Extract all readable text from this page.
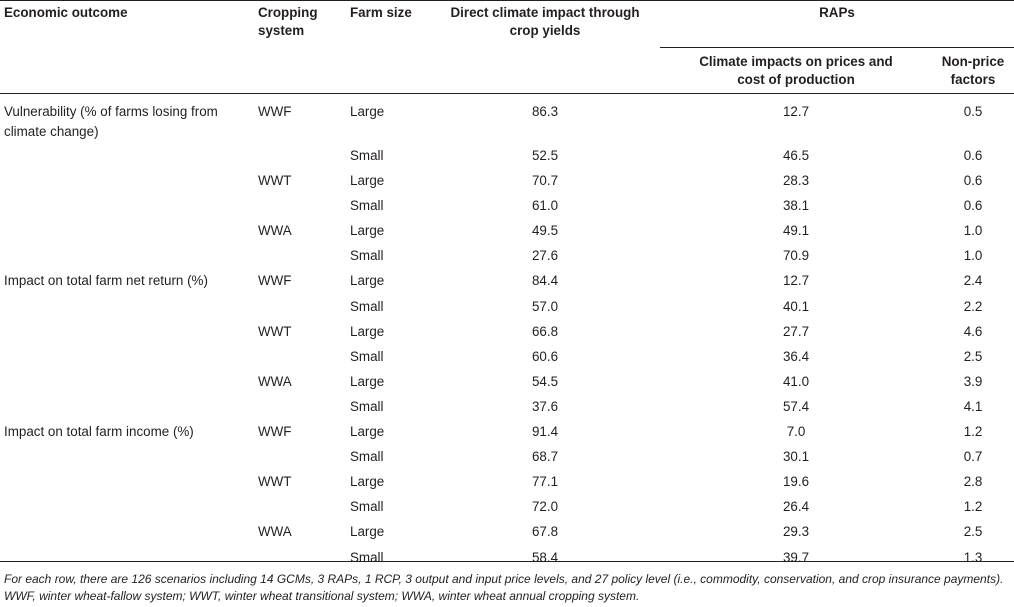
Economic outcome	Cropping system	Farm size	Direct climate impact through crop yields	RAPs	
				Climate impacts on prices and cost of production	Non-price factors
Vulnerability (% of farms losing from climate change)	WWF	Large	86.3	12.7	0.5
		Small	52.5	46.5	0.6
	WWT	Large	70.7	28.3	0.6
		Small	61.0	38.1	0.6
	WWA	Large	49.5	49.1	1.0
		Small	27.6	70.9	1.0
Impact on total farm net return (%)	WWF	Large	84.4	12.7	2.4
		Small	57.0	40.1	2.2
	WWT	Large	66.8	27.7	4.6
		Small	60.6	36.4	2.5
	WWA	Large	54.5	41.0	3.9
		Small	37.6	57.4	4.1
Impact on total farm income (%)	WWF	Large	91.4	7.0	1.2
		Small	68.7	30.1	0.7
	WWT	Large	77.1	19.6	2.8
		Small	72.0	26.4	1.2
	WWA	Large	67.8	29.3	2.5
		Small	58.4	39.7	1.3
For each row, there are 126 scenarios including 14 GCMs, 3 RAPs, 1 RCP, 3 output and input price levels, and 27 policy level (i.e., commodity, conservation, and crop insurance payments). WWF, winter wheat-fallow system; WWT, winter wheat transitional system; WWA, winter wheat annual cropping system.
